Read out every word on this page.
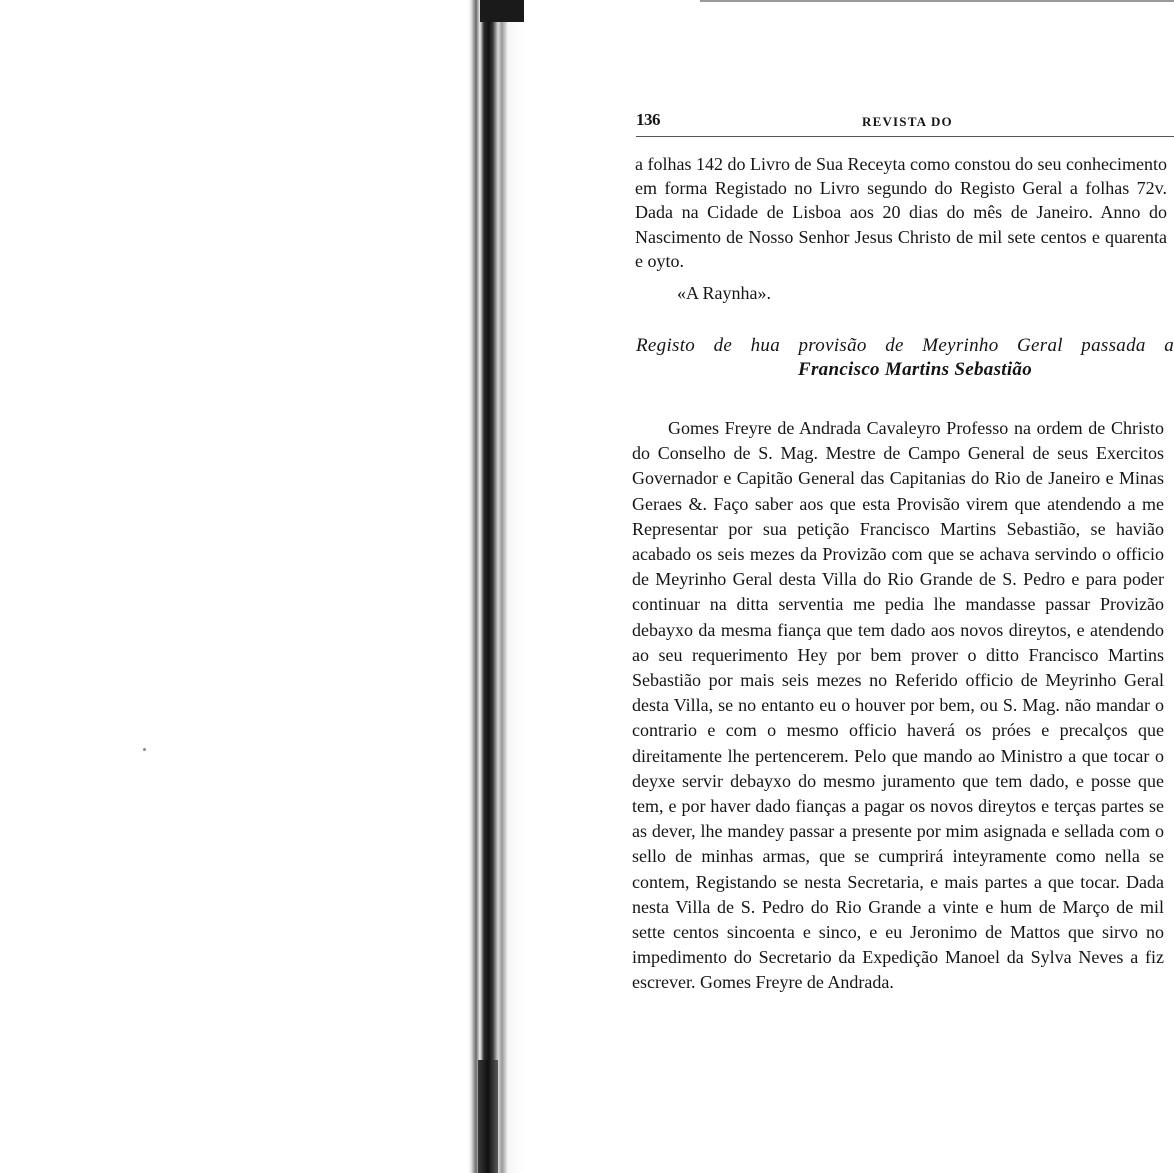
136	REVISTA DO

a folhas 142 do Livro de Sua Receyta como constou do seu conhecimento em forma Registado no Livro segundo do Registo Geral a folhas 72v. Dada na Cidade de Lisboa aos 20 dias do mês de Janeiro. Anno do Nascimento de Nosso Senhor Jesus Christo de mil sete centos e quarenta e oyto.

«A Raynha».

Registo de hua provisão de Meyrinho Geral passada a
Francisco Martins Sebastião

Gomes Freyre de Andrada Cavaleyro Professo na ordem de Christo do Conselho de S. Mag. Mestre de Campo General de seus Exercitos Governador e Capitão General das Capitanias do Rio de Janeiro e Minas Geraes &. Faço saber aos que esta Provisão virem que atendendo a me Representar por sua petição Francisco Martins Sebastião, se havião acabado os seis mezes da Provizão com que se achava servindo o officio de Meyrinho Geral desta Villa do Rio Grande de S. Pedro e para poder continuar na ditta serventia me pedia lhe mandasse passar Provizão debayxo da mesma fiança que tem dado aos novos direytos, e atendendo ao seu requerimento Hey por bem prover o ditto Francisco Martins Sebastião por mais seis mezes no Referido officio de Meyrinho Geral desta Villa, se no entanto eu o houver por bem, ou S. Mag. não mandar o contrario e com o mesmo officio haverá os próes e precalços que direitamente lhe pertencerem. Pelo que mando ao Ministro a que tocar o deyxe servir debayxo do mesmo juramento que tem dado, e posse que tem, e por haver dado fianças a pagar os novos direytos e terças partes se as dever, lhe mandey passar a presente por mim asignada e sellada com o sello de minhas armas, que se cumprirá inteyramente como nella se contem, Registando se nesta Secretaria, e mais partes a que tocar. Dada nesta Villa de S. Pedro do Rio Grande a vinte e hum de Março de mil sette centos sincoenta e sinco, e eu Jeronimo de Mattos que sirvo no impedimento do Secretario da Expedição Manoel da Sylva Neves a fiz escrever. Gomes Freyre de Andrada.
